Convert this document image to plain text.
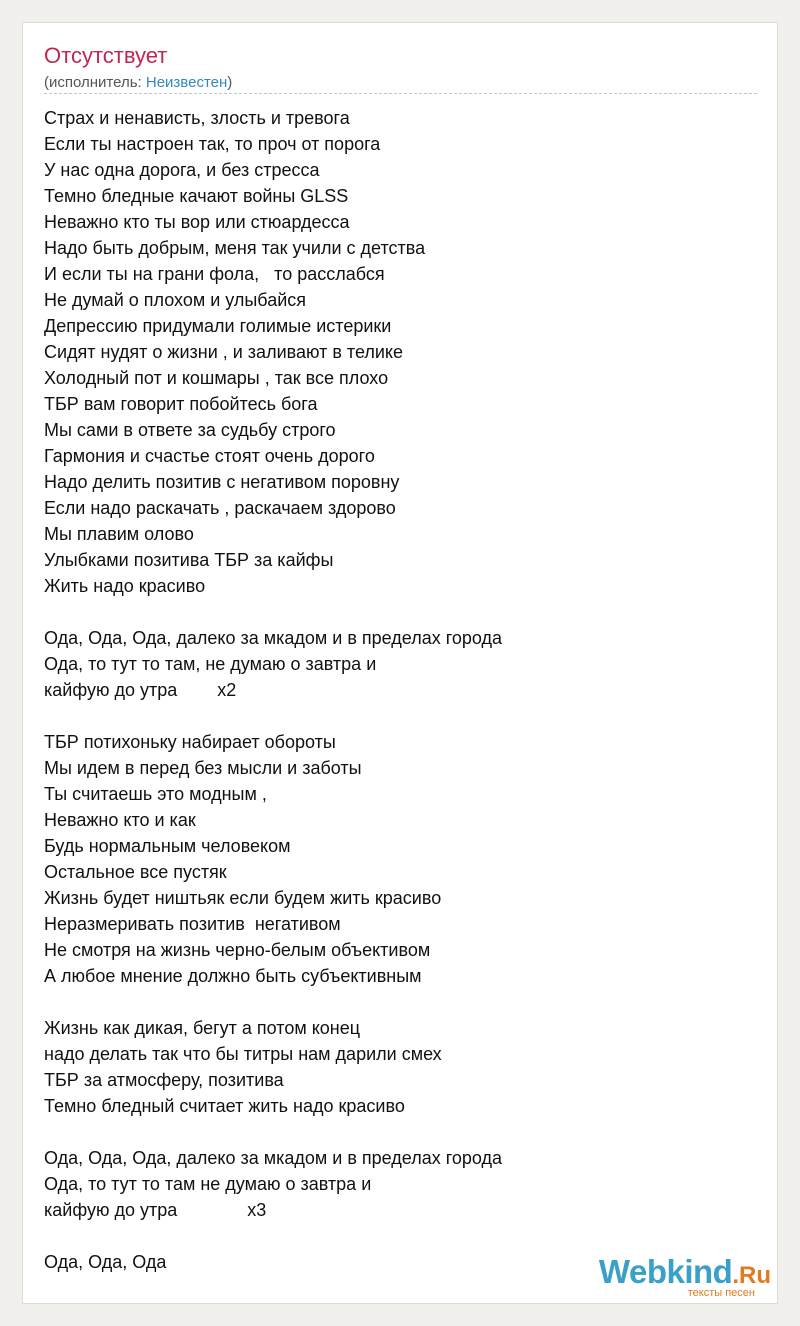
Отсутствует
(исполнитель: Неизвестен)
Страх и ненависть, злость и тревога
Если ты настроен так, то проч от порога
У нас одна дорога, и без стресса
Темно бледные качают войны GLSS
Неважно кто ты вор или стюардесса
Надо быть добрым, меня так учили с детства
И если ты на грани фола,   то расслабся
Не думай о плохом и улыбайся
Депрессию придумали голимые истерики
Сидят нудят о жизни , и заливают в телике
Холодный пот и кошмары , так все плохо
ТБР вам говорит побойтесь бога
Мы сами в ответе за судьбу строго
Гармония и счастье стоят очень дорого
Надо делить позитив с негативом поровну
Если надо раскачать , раскачаем здорово
Мы плавим олово
Улыбками позитива ТБР за кайфы
Жить надо красиво
Ода, Ода, Ода, далеко за мкадом и в пределах города
Ода, то тут то там, не думаю о завтра и
кайфую до утра        х2
ТБР потихоньку набирает обороты
Мы идем в перед без мысли и заботы
Ты считаешь это модным ,
Неважно кто и как
Будь нормальным человеком
Остальное все пустяк
Жизнь будет ништьяк если будем жить красиво
Неразмеривать позитив  негативом
Не смотря на жизнь черно-белым объективом
А любое мнение должно быть субъективным
Жизнь как дикая, бегут а потом конец
надо делать так что бы титры нам дарили смех
ТБР за атмосферу, позитива
Темно бледный считает жить надо красиво
Ода, Ода, Ода, далеко за мкадом и в пределах города
Ода, то тут то там не думаю о завтра и
кайфую до утра              х3
Ода, Ода, Ода	Webkind.Ru
тексты песен
